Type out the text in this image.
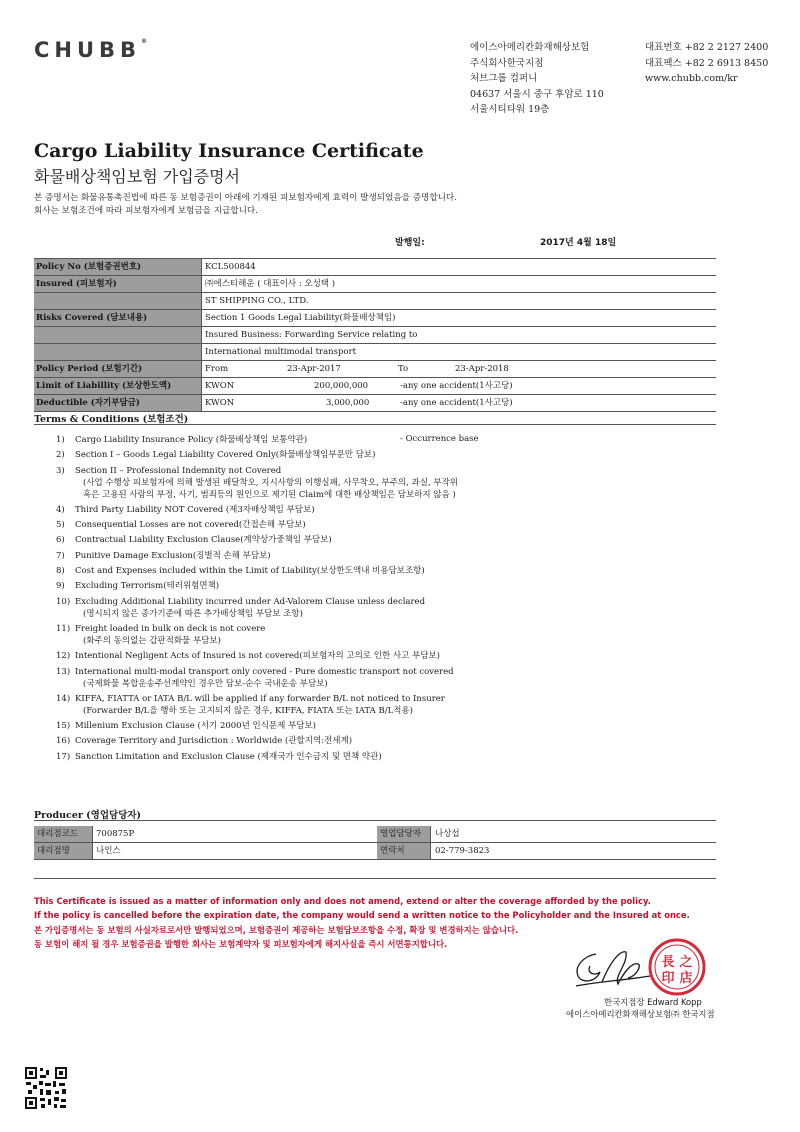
CHUBB®
에이스아메리칸화재해상보험
주식회사한국지점
처브그룹 컴퍼니
04637 서울시 중구 후암로 110
서울시티타워 19층
대표번호 +82 2 2127 2400
대표팩스 +82 2 6913 8450
www.chubb.com/kr
Cargo Liability Insurance Certificate
화물배상책임보험 가입증명서
본 증명서는 화물유통촉진법에 따른 동 보험증권이 아래에 기재된 피보험자에게 효력이 발생되었음을 증명합니다.
회사는 보험조건에 따라 피보험자에게 보험금을 지급합니다.
발행일:	2017년 4월 18일
Policy No (보험증권번호)	KCL500844
Insured (피보험자)	㈜에스티해운 ( 대표이사 : 오성택 )
ST SHIPPING CO., LTD.
Risks Covered (담보내용)	Section 1 Goods Legal Liability(화물배상책임)
Insured Business: Forwarding Service relating to
International multimodal transport
Policy Period (보험기간)	From	23-Apr-2017	To	23-Apr-2018
Limit of Liabillity (보상한도액)	KWON	200,000,000	-any one accident(1사고당)
Deductible (자기부담금)	KWON	3,000,000	-any one accident(1사고당)
Terms & Conditions (보험조건)
- Occurrence base
1)	Cargo Liability Insurance Policy (화물배상책임 보통약관)
2)	Section I – Goods Legal Liability Covered Only(화물배상책임부문만 담보)
3)	Section II – Professional Indemnity not Covered
(사업 수행상 피보험자에 의해 발생된 배달착오, 지시사항의 이행실패, 사무착오, 부주의, 과실, 부작위
혹은 고용된 사람의 부정, 사기, 범죄등의 원인으로 제기된 Claim에 대한 배상책임은 담보하지 않음 )
4)	Third Party Liability NOT Covered (제3자배상책임 부담보)
5)	Consequential Losses are not covered(간접손해 부담보)
6)	Contractual Liability Exclusion Clause(계약상가중책임 부담보)
7)	Punitive Damage Exclusion(징벌적 손해 부담보)
8)	Cost and Expenses included within the Limit of Liability(보상한도액내 비용담보조항)
9)	Excluding Terrorism(테러위험면책)
10) Excluding Additional Liability incurred under Ad-Valorem Clause unless declared
(명시되지 않은 종가기준에 따른 추가배상책임 부담보 조항)
11) Freight loaded in bulk on deck is not covere
(화주의 동의없는 갑판적화물 부담보)
12) Intentional Negligent Acts of Insured is not covered(피보험자의 고의로 인한 사고 부담보)
13) International multi-modal transport only covered - Pure domestic transport not covered
(국제화물 복합운송주선계약인 경우만 담보-순수 국내운송 부담보)
14) KIFFA, FIATTA or IATA B/L will be applied if any forwarder B/L not noticed to Insurer
(Forwarder B/L을 행하 또는 고지되지 않은 경우, KIFFA, FIATA 또는 IATA B/L적용)
15) Millenium Exclusion Clause (서기 2000년 인식문제 부담보)
16) Coverage Territory and Jurisdiction : Worldwide (관할지역:전세계)
17) Sanction Limitation and Exclusion Clause (제재국가 인수금지 및 면책 약관)
Producer (영업담당자)
대리점코드	700875P	영업담당자	나상섭
대리점명	나인스	연락처	02-779-3823
This Certificate is issued as a matter of information only and does not amend, extend or alter the coverage afforded by the policy.
If the policy is cancelled before the expiration date, the company would send a written notice to the Policyholder and the Insured at once.
본 가입증명서는 동 보험의 사실자료로서만 발행되었으며, 보험증권이 제공하는 보험담보조항을 수정, 확장 및 변경하지는 않습니다.
동 보험이 해지 될 경우 보험증권을 발행한 회사는 보험계약자 및 피보험자에게 해지사실을 즉시 서면통지합니다.
長 之
印 店
한국지점장 Edward Kopp
에이스아메리칸화재해상보험㈜ 한국지점
